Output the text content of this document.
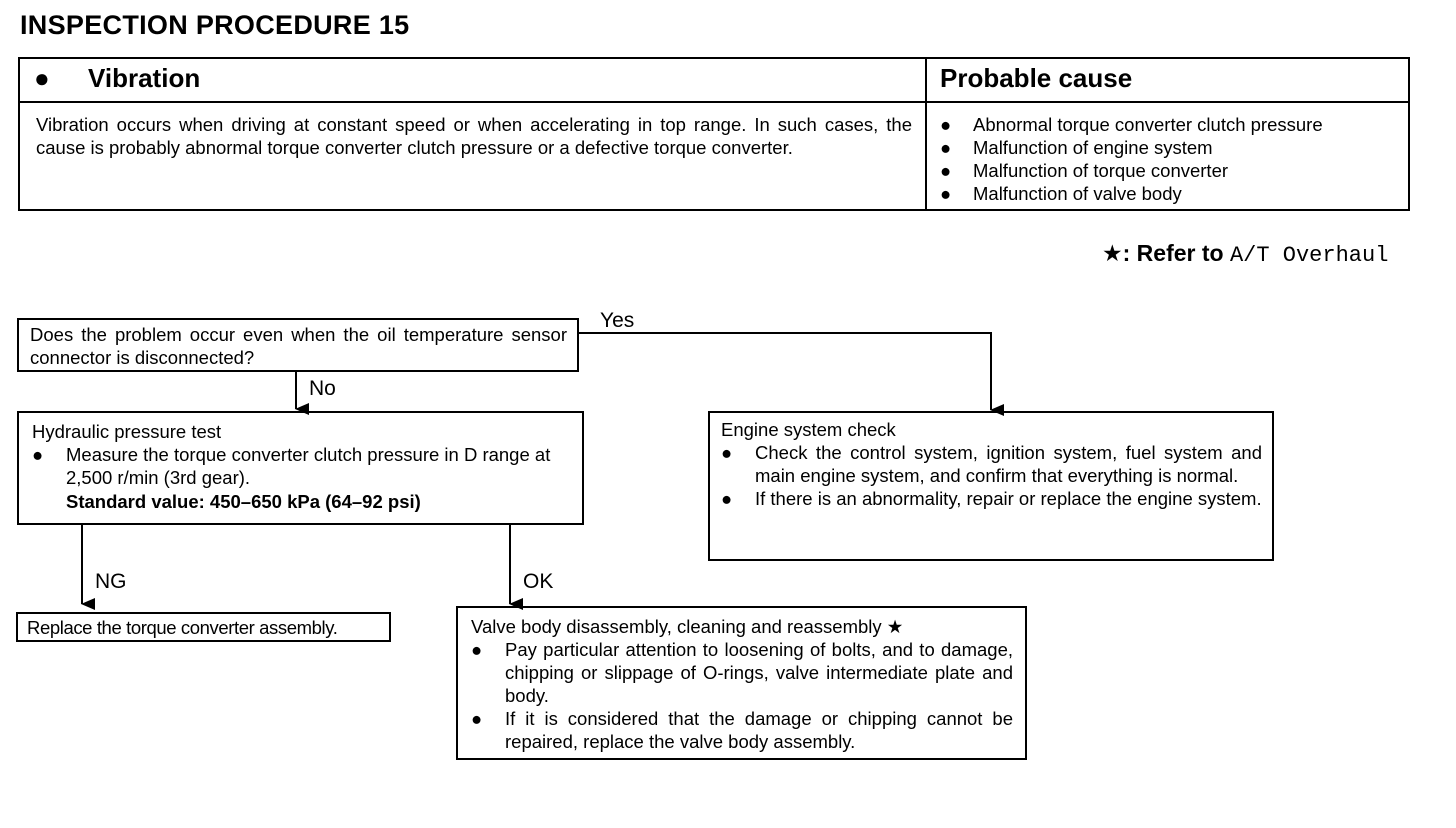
INSPECTION PROCEDURE 15
● Vibration	Probable cause
Vibration occurs when driving at constant speed or when accelerating in top range. In such cases, the cause is probably abnormal torque converter clutch pressure or a defective torque converter.
● Abnormal torque converter clutch pressure
● Malfunction of engine system
● Malfunction of torque converter
● Malfunction of valve body
★: Refer to A/T Overhaul
Does the problem occur even when the oil temperature sensor connector is disconnected?
Yes
No
Hydraulic pressure test
● Measure the torque converter clutch pressure in D range at 2,500 r/min (3rd gear).
Standard value: 450–650 kPa (64–92 psi)
Engine system check
● Check the control system, ignition system, fuel system and main engine system, and confirm that everything is normal.
● If there is an abnormality, repair or replace the engine system.
NG	OK
Replace the torque converter assembly.	Valve body disassembly, cleaning and reassembly ★
● Pay particular attention to loosening of bolts, and to damage, chipping or slippage of O-rings, valve intermediate plate and body.
● If it is considered that the damage or chipping cannot be repaired, replace the valve body assembly.
